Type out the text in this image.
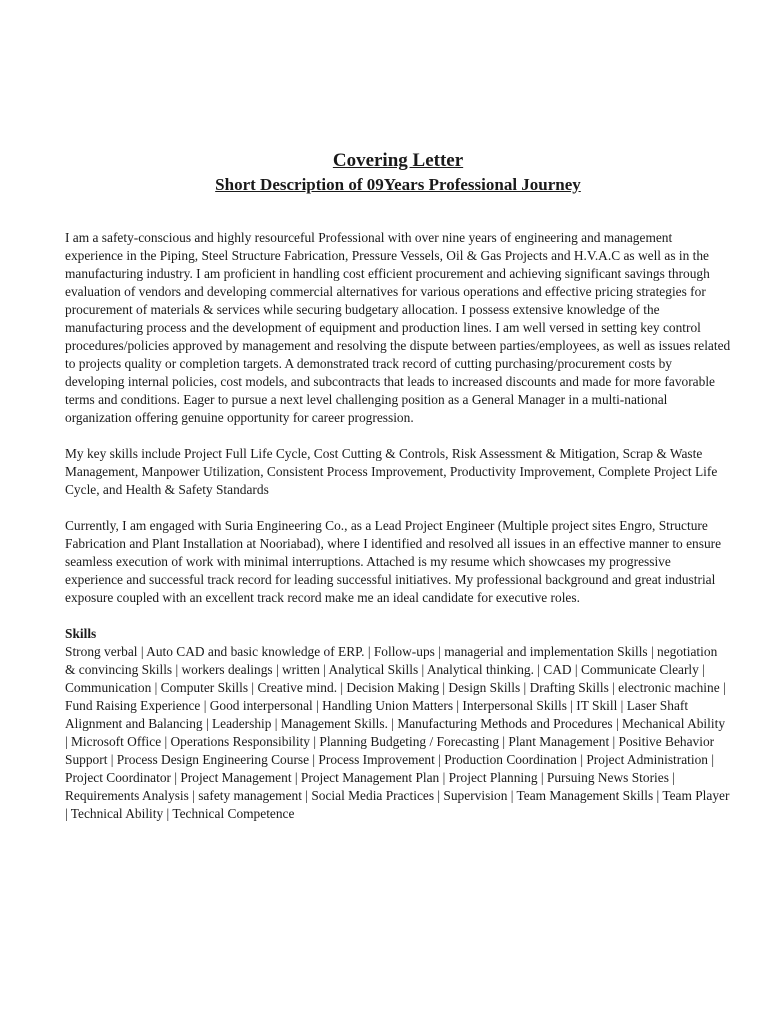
Covering Letter
Short Description of 09Years Professional Journey

I am a safety-conscious and highly resourceful Professional with over nine years of engineering and management experience in the Piping, Steel Structure Fabrication, Pressure Vessels, Oil & Gas Projects and H.V.A.C as well as in the manufacturing industry. I am proficient in handling cost efficient procurement and achieving significant savings through evaluation of vendors and developing commercial alternatives for various operations and effective pricing strategies for procurement of materials & services while securing budgetary allocation. I possess extensive knowledge of the manufacturing process and the development of equipment and production lines. I am well versed in setting key control procedures/policies approved by management and resolving the dispute between parties/employees, as well as issues related to projects quality or completion targets. A demonstrated track record of cutting purchasing/procurement costs by developing internal policies, cost models, and subcontracts that leads to increased discounts and made for more favorable terms and conditions. Eager to pursue a next level challenging position as a General Manager in a multi-national organization offering genuine opportunity for career progression.

My key skills include Project Full Life Cycle, Cost Cutting & Controls, Risk Assessment & Mitigation, Scrap & Waste Management, Manpower Utilization, Consistent Process Improvement, Productivity Improvement, Complete Project Life Cycle, and Health & Safety Standards

Currently, I am engaged with Suria Engineering Co., as a Lead Project Engineer (Multiple project sites Engro, Structure Fabrication and Plant Installation at Nooriabad), where I identified and resolved all issues in an effective manner to ensure seamless execution of work with minimal interruptions. Attached is my resume which showcases my progressive experience and successful track record for leading successful initiatives. My professional background and great industrial exposure coupled with an excellent track record make me an ideal candidate for executive roles.

Skills

Strong verbal | Auto CAD and basic knowledge of ERP. | Follow-ups | managerial and implementation Skills | negotiation & convincing Skills | workers dealings | written | Analytical Skills | Analytical thinking. | CAD | Communicate Clearly | Communication | Computer Skills | Creative mind. | Decision Making | Design Skills | Drafting Skills | electronic machine | Fund Raising Experience | Good interpersonal | Handling Union Matters | Interpersonal Skills | IT Skill | Laser Shaft Alignment and Balancing | Leadership | Management Skills. | Manufacturing Methods and Procedures | Mechanical Ability | Microsoft Office | Operations Responsibility | Planning Budgeting / Forecasting | Plant Management | Positive Behavior Support | Process Design Engineering Course | Process Improvement | Production Coordination | Project Administration | Project Coordinator | Project Management | Project Management Plan | Project Planning | Pursuing News Stories | Requirements Analysis | safety management | Social Media Practices | Supervision | Team Management Skills | Team Player | Technical Ability | Technical Competence
